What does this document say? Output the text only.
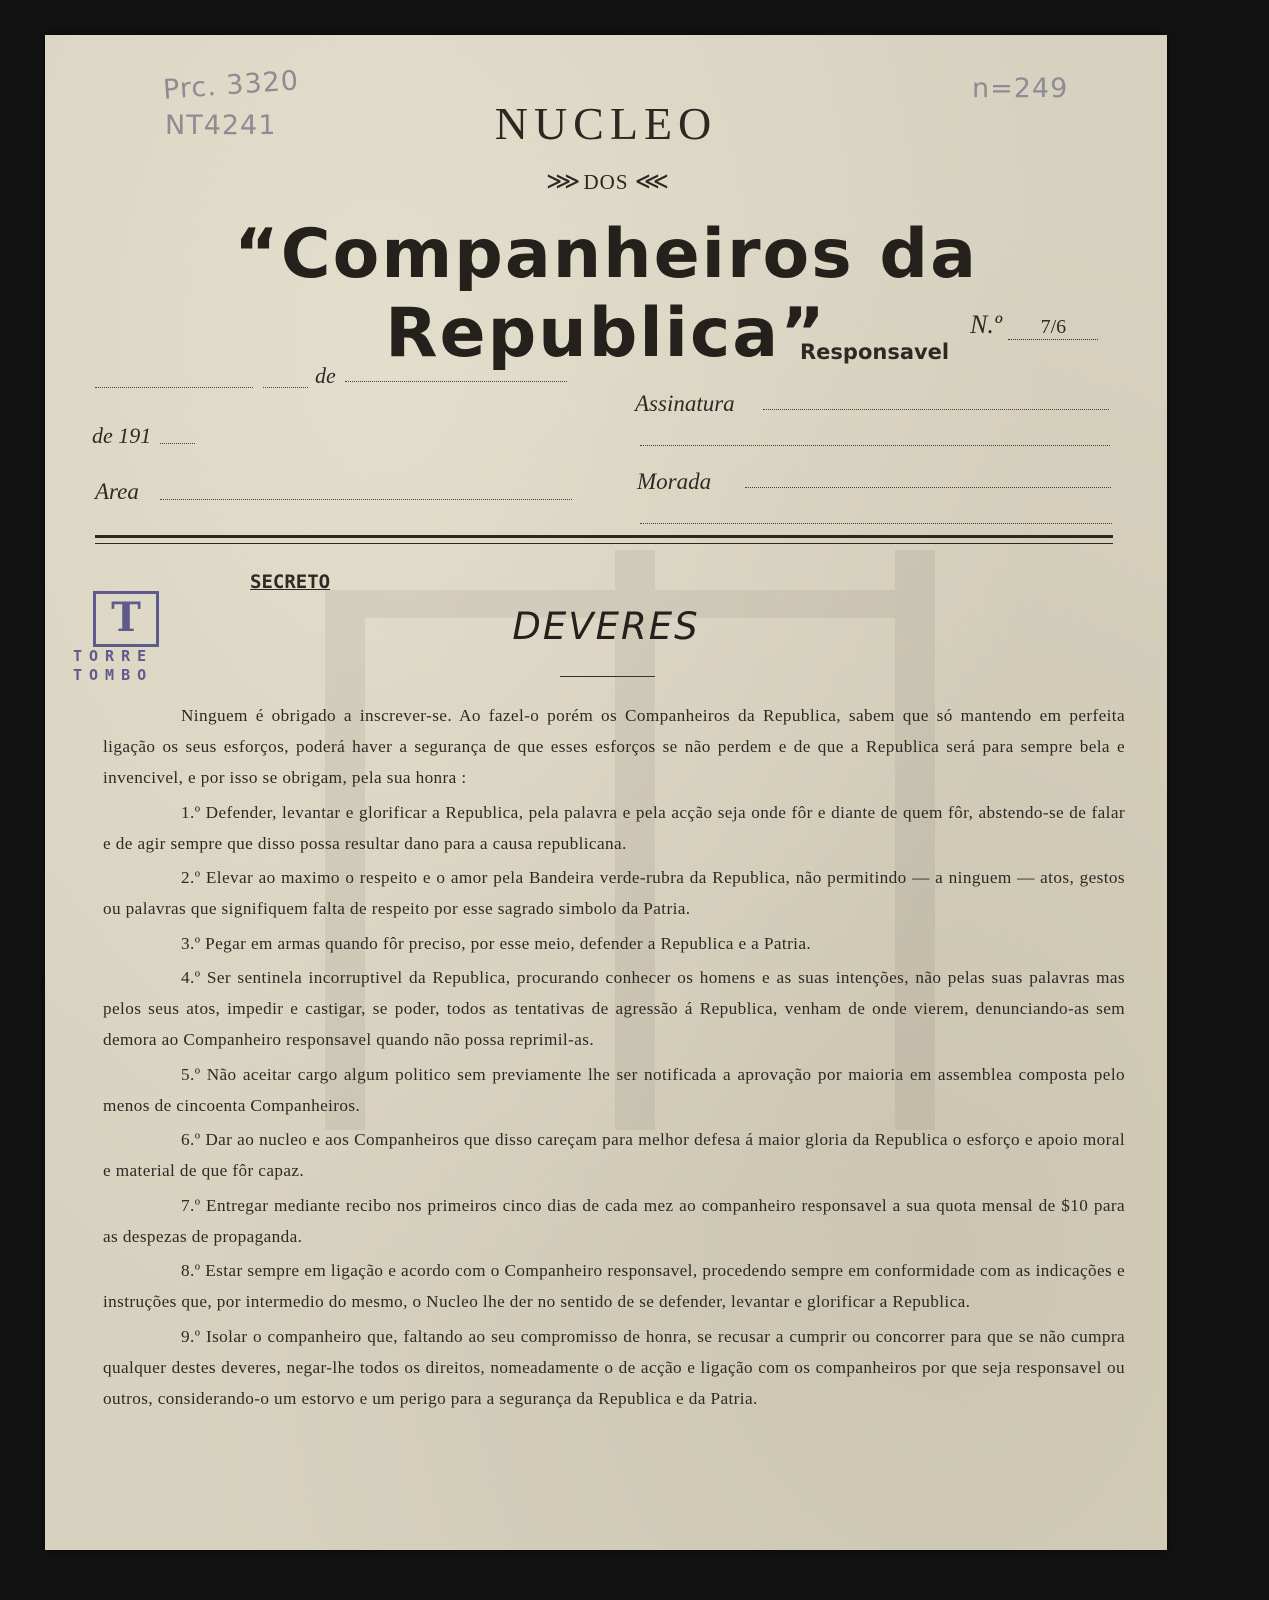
Prc. 3320
NT4241
n=249
NUCLEO
⋙ DOS ⋘
“Companheiros da Republica”	N.º 7/6
Responsavel
de
de 191
Area
Assinatura
Morada
SECRETO
T
TORRE TOMBO
DEVERES

Ninguem é obrigado a inscrever-se. Ao fazel-o porém os Companheiros da Republica, sabem que só mantendo em perfeita ligação os seus esforços, poderá haver a segurança de que esses esforços se não perdem e de que a Republica será para sempre bela e invencivel, e por isso se obrigam, pela sua honra :

1.º Defender, levantar e glorificar a Republica, pela palavra e pela acção seja onde fôr e diante de quem fôr, abstendo-se de falar e de agir sempre que disso possa resultar dano para a causa republicana.

2.º Elevar ao maximo o respeito e o amor pela Bandeira verde-rubra da Republica, não permitindo — a ninguem — atos, gestos ou palavras que signifiquem falta de respeito por esse sagrado simbolo da Patria.

3.º Pegar em armas quando fôr preciso, por esse meio, defender a Republica e a Patria.

4.º Ser sentinela incorruptivel da Republica, procurando conhecer os homens e as suas intenções, não pelas suas palavras mas pelos seus atos, impedir e castigar, se poder, todos as tentativas de agressão á Republica, venham de onde vierem, denunciando-as sem demora ao Companheiro responsavel quando não possa reprimil-as.

5.º Não aceitar cargo algum politico sem previamente lhe ser notificada a aprovação por maioria em assemblea composta pelo menos de cincoenta Companheiros.

6.º Dar ao nucleo e aos Companheiros que disso careçam para melhor defesa á maior gloria da Republica o esforço e apoio moral e material de que fôr capaz.

7.º Entregar mediante recibo nos primeiros cinco dias de cada mez ao companheiro responsavel a sua quota mensal de $10 para as despezas de propaganda.

8.º Estar sempre em ligação e acordo com o Companheiro responsavel, procedendo sempre em conformidade com as indicações e instruções que, por intermedio do mesmo, o Nucleo lhe der no sentido de se defender, levantar e glorificar a Republica.

9.º Isolar o companheiro que, faltando ao seu compromisso de honra, se recusar a cumprir ou concorrer para que se não cumpra qualquer destes deveres, negar-lhe todos os direitos, nomeadamente o de acção e ligação com os companheiros por que seja responsavel ou outros, considerando-o um estorvo e um perigo para a segurança da Republica e da Patria.
